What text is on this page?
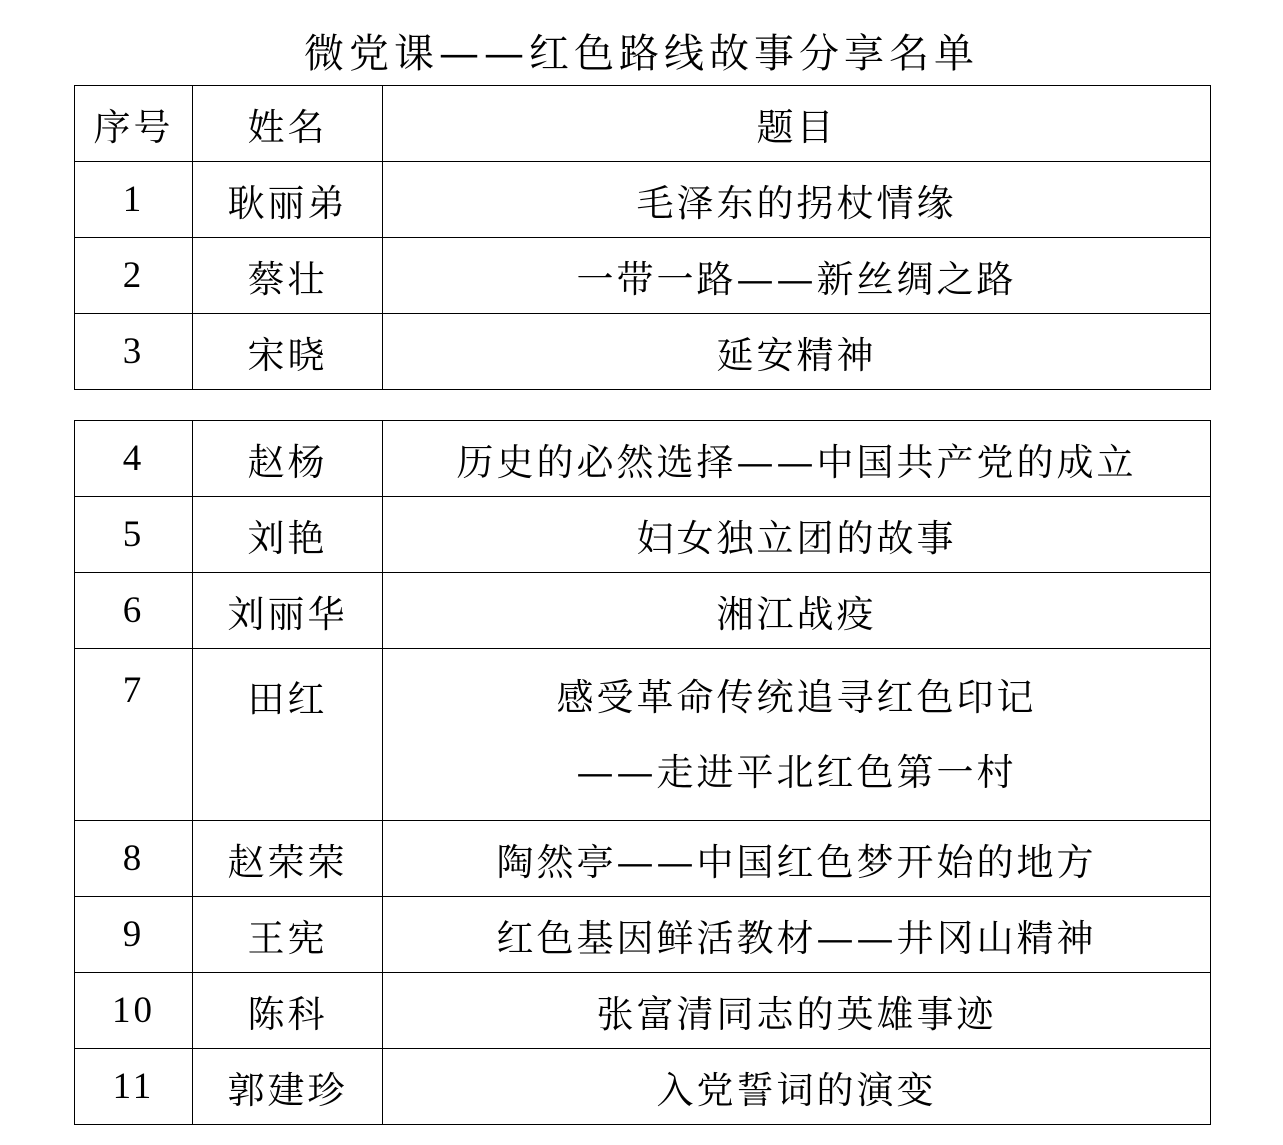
微党课——红色路线故事分享名单
序号	姓名	题目
1	耿丽弟	毛泽东的拐杖情缘
2	蔡壮	一带一路——新丝绸之路
3	宋晓	延安精神
4	赵杨	历史的必然选择——中国共产党的成立
5	刘艳	妇女独立团的故事
6	刘丽华	湘江战疫
7	田红	感受革命传统追寻红色印记
——走进平北红色第一村

8	赵荣荣	陶然亭——中国红色梦开始的地方
9	王宪	红色基因鲜活教材——井冈山精神
10	陈科	张富清同志的英雄事迹
11	郭建珍	入党誓词的演变
